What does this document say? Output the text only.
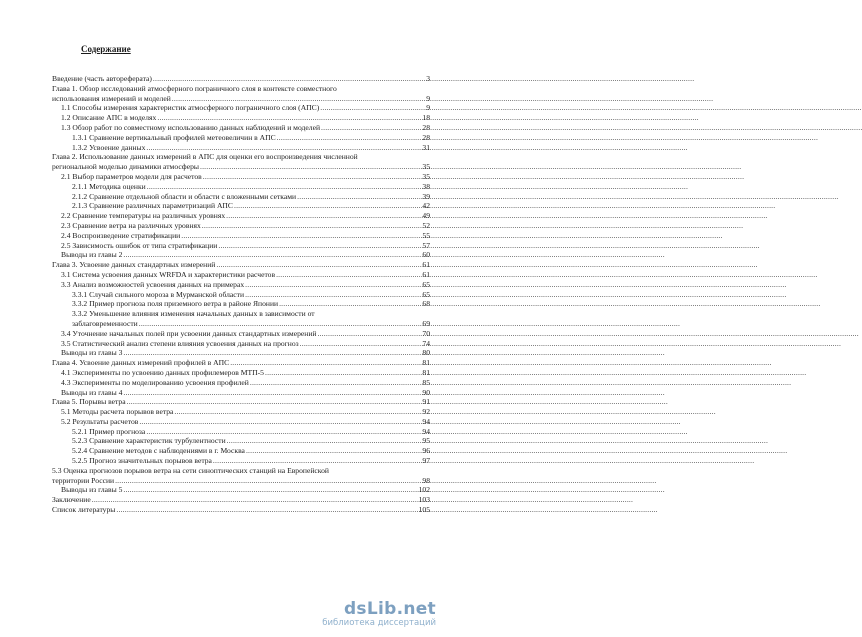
Содержание
Введение (часть автореферата) .....	3
Глава 1. Обзор исследований атмосферного пограничного слоя в контексте совместного
использования измерений и моделей .....	9
1.1 Способы измерения характеристик атмосферного пограничного слоя (АПС) .....	9
1.2 Описание АПС в моделях .....	18
1.3 Обзор работ по совместному использованию данных наблюдений и моделей .....	28
1.3.1 Сравнение вертикальный профилей метеовеличин в АПС .....	28
1.3.2 Усвоение данных .....	31
Глава 2. Использование данных измерений в АПС для оценки его воспроизведения численной
региональной моделью динамики атмосферы .....	35
2.1 Выбор параметров модели для расчетов .....	35
2.1.1 Методика оценки .....	38
2.1.2 Сравнение отдельной области и области с вложенными сетками .....	39
2.1.3 Сравнение различных параметризаций АПС .....	42
2.2 Сравнение температуры на различных уровнях .....	49
2.3 Сравнение ветра на различных уровнях .....	52
2.4 Воспроизведение стратификации .....	55
2.5 Зависимость ошибок от типа стратификации .....	57
Выводы из главы 2 .....	60
Глава 3. Усвоение данных стандартных измерений .....	61
3.1 Система усвоения данных WRFDA и характеристики расчетов .....	61
3.3 Анализ возможностей усвоения данных на примерах .....	65
3.3.1 Случай сильного мороза в Мурманской области .....	65
3.3.2 Пример прогноза поля приземного ветра в районе Японии .....	68
3.3.2 Уменьшение влияния изменения начальных данных в зависимости от
заблаговременности .....	69
3.4 Уточнение начальных полей при усвоении данных стандартных измерений .....	70
3.5 Статистический анализ степени влияния усвоения данных на прогноз .....	74
Выводы из главы 3 .....	80
Глава 4. Усвоение данных измерений профилей в АПС .....	81
4.1 Эксперименты по усвоению данных профилемеров МТП-5 .....	81
4.3 Эксперименты по моделированию усвоения профилей .....	85
Выводы из главы 4 .....	90
Глава 5. Порывы ветра .....	91
5.1 Методы расчета порывов ветра .....	92
5.2 Результаты расчетов .....	94
5.2.1 Пример прогноза .....	94
5.2.3 Сравнение характеристик турбулентности .....	95
5.2.4 Сравнение методов с наблюдениями в г. Москва .....	96
5.2.5 Прогноз значительных порывов ветра .....	97
5.3 Оценка прогнозов порывов ветра на сети синоптических станций на Европейской
территории России .....	98
Выводы из главы 5 .....	102
Заключение .....	103
Список литературы .....	105
dsLib.net
библиотека диссертаций
